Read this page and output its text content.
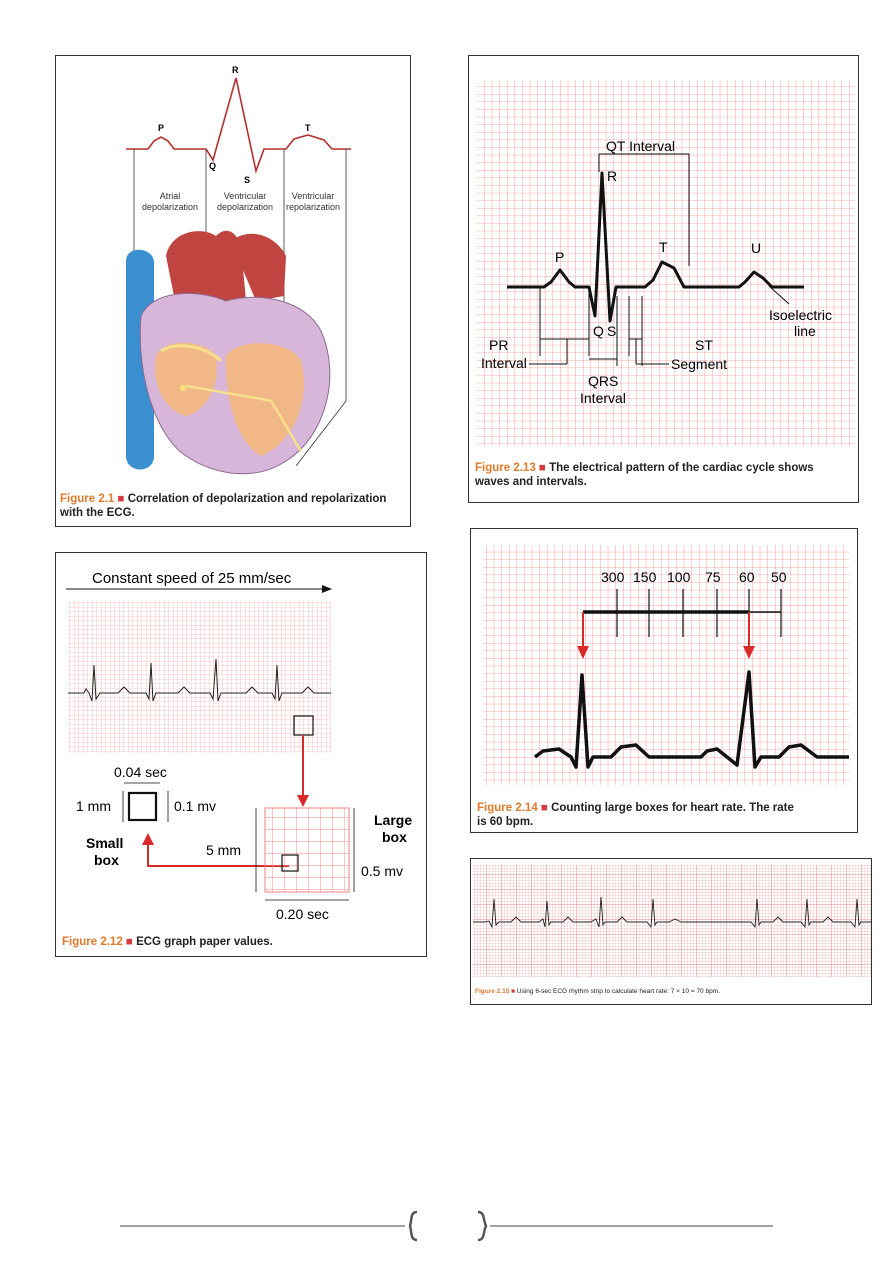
P
R
Q
S
T
Atrial
depolarization
Ventricular
depolarization
Ventricular
repolarization
Figure 2.1 ■ Correlation of depolarization and repolarization
with the ECG.
QT Interval
R
P
T	U
Isoelectric
line
PR
Interval
Q S
QRS
Interval
ST
Segment
Figure 2.13 ■ The electrical pattern of the cardiac cycle shows
waves and intervals.
Constant speed of 25 mm/sec
0.04 sec
1 mm	0.1 mv
Small
box
Large
box
5 mm
0.5 mv
0.20 sec
Figure 2.12 ■ ECG graph paper values.
300 150 100 75 60 50
Figure 2.14 ■ Counting large boxes for heart rate. The rate
is 60 bpm.
Figure 2.15 ■ Using 6-sec ECG rhythm strip to calculate heart rate: 7 × 10 = 70 bpm.
